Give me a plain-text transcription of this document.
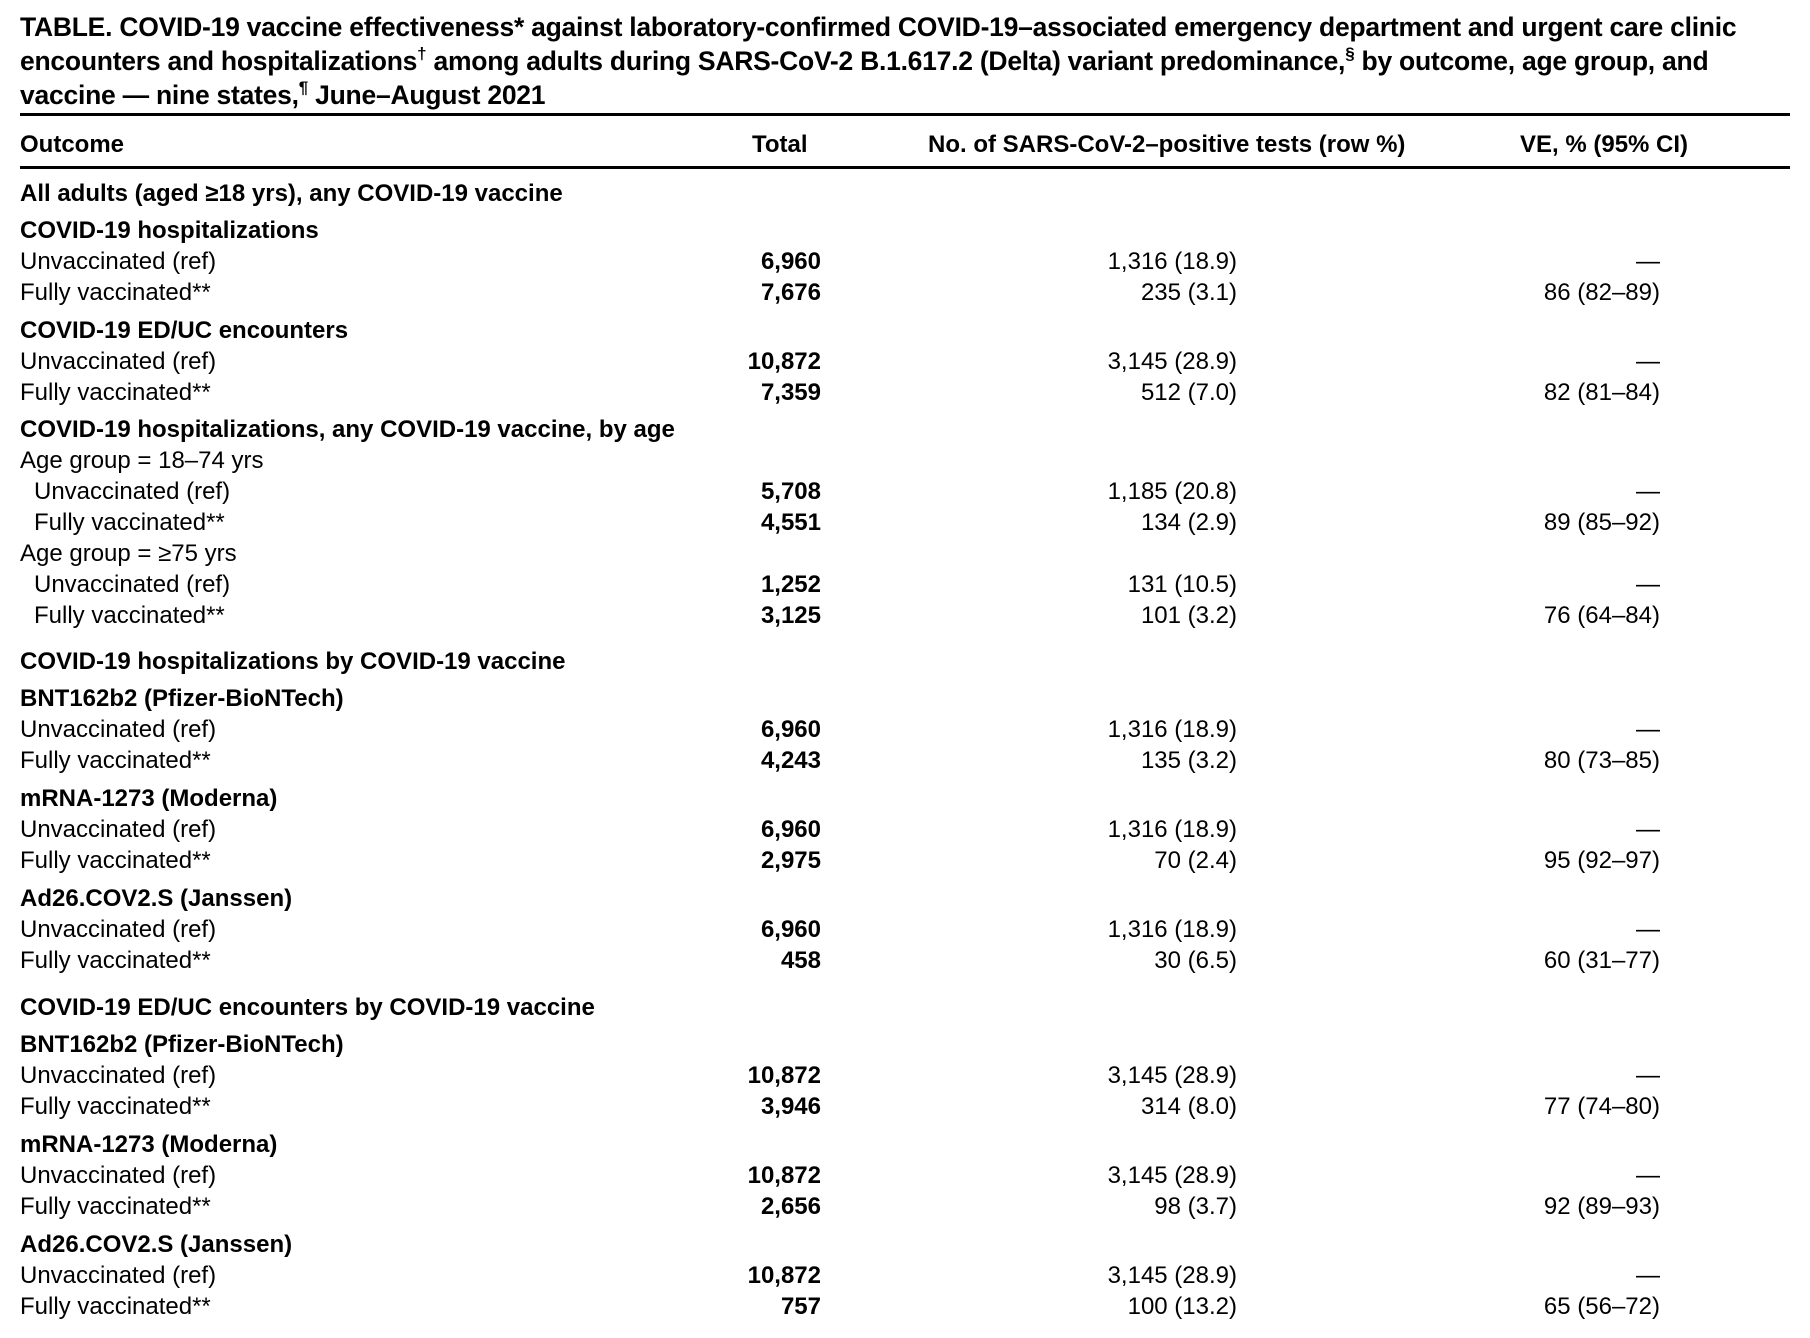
TABLE. COVID-19 vaccine effectiveness* against laboratory-confirmed COVID-19–associated emergency department and urgent care clinic encounters and hospitalizations† among adults during SARS-CoV-2 B.1.617.2 (Delta) variant predominance,§ by outcome, age group, and vaccine — nine states,¶ June–August 2021

Outcome	Total	No. of SARS-CoV-2–positive tests (row %)	VE, % (95% CI)
All adults (aged ≥18 yrs), any COVID-19 vaccine
COVID-19 hospitalizations
Unvaccinated (ref)	6,960	1,316 (18.9)	—
Fully vaccinated**	7,676	235 (3.1)	86 (82–89)
COVID-19 ED/UC encounters
Unvaccinated (ref)	10,872	3,145 (28.9)	—
Fully vaccinated**	7,359	512 (7.0)	82 (81–84)
COVID-19 hospitalizations, any COVID-19 vaccine, by age
Age group = 18–74 yrs
Unvaccinated (ref)	5,708	1,185 (20.8)	—
Fully vaccinated**	4,551	134 (2.9)	89 (85–92)
Age group = ≥75 yrs
Unvaccinated (ref)	1,252	131 (10.5)	—
Fully vaccinated**	3,125	101 (3.2)	76 (64–84)
COVID-19 hospitalizations by COVID-19 vaccine
BNT162b2 (Pfizer-BioNTech)
Unvaccinated (ref)	6,960	1,316 (18.9)	—
Fully vaccinated**	4,243	135 (3.2)	80 (73–85)
mRNA-1273 (Moderna)
Unvaccinated (ref)	6,960	1,316 (18.9)	—
Fully vaccinated**	2,975	70 (2.4)	95 (92–97)
Ad26.COV2.S (Janssen)
Unvaccinated (ref)	6,960	1,316 (18.9)	—
Fully vaccinated**	458	30 (6.5)	60 (31–77)
COVID-19 ED/UC encounters by COVID-19 vaccine
BNT162b2 (Pfizer-BioNTech)
Unvaccinated (ref)	10,872	3,145 (28.9)	—
Fully vaccinated**	3,946	314 (8.0)	77 (74–80)
mRNA-1273 (Moderna)
Unvaccinated (ref)	10,872	3,145 (28.9)	—
Fully vaccinated**	2,656	98 (3.7)	92 (89–93)
Ad26.COV2.S (Janssen)
Unvaccinated (ref)	10,872	3,145 (28.9)	—
Fully vaccinated**	757	100 (13.2)	65 (56–72)
